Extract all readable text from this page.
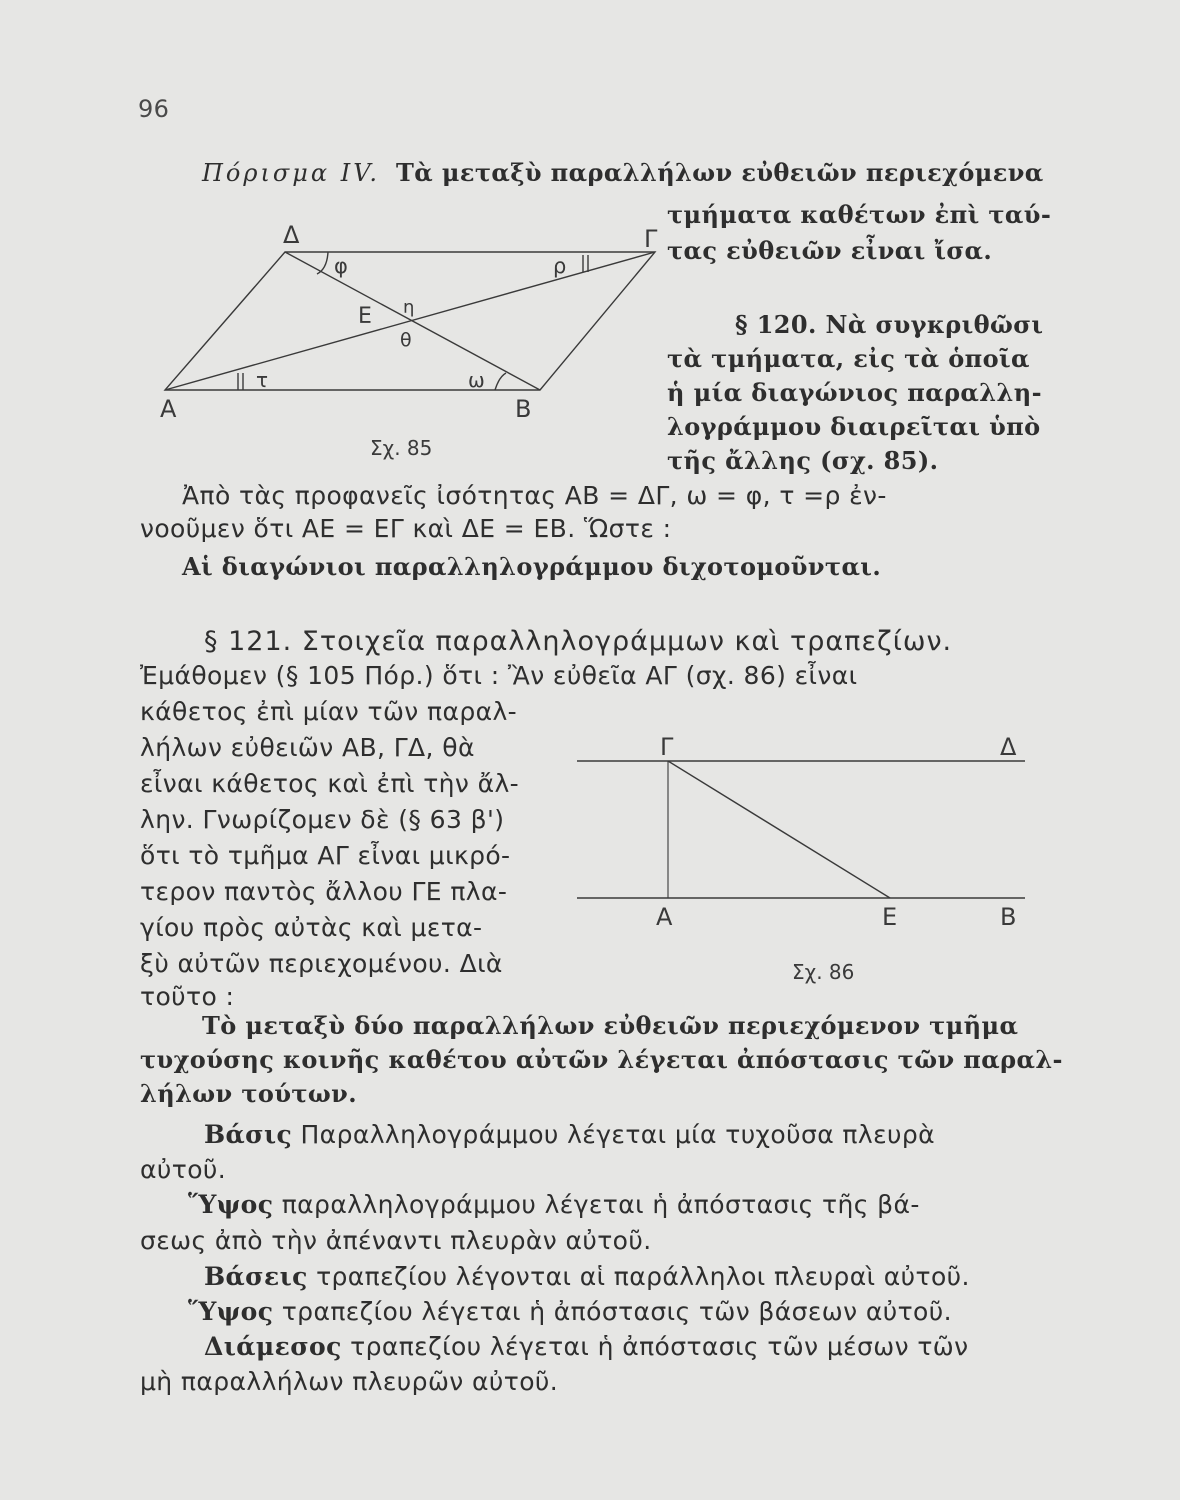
96
Πόρισμα IV. Τὰ μεταξὺ παραλλήλων εὐθειῶν περιεχόμενα
τμήματα καθέτων ἐπὶ ταύ-
τας εὐθειῶν εἶναι ἴσα.
Δ	Γ
Α	Β
Ε
φ	ρ
η
θ
τ	ω
Σχ. 85
§ 120. Νὰ συγκριθῶσι
τὰ τμήματα, εἰς τὰ ὁποῖα
ἡ μία διαγώνιος παραλλη-
λογράμμου διαιρεῖται ὑπὸ
τῆς ἄλλης (σχ. 85).
Ἀπὸ τὰς προφανεῖς ἰσότητας ΑΒ = ΔΓ, ω = φ, τ =ρ ἐν-
νοοῦμεν ὅτι ΑΕ = ΕΓ καὶ ΔΕ = ΕΒ. Ὥστε :
Αἱ διαγώνιοι παραλληλογράμμου διχοτομοῦνται.
§ 121. Στοιχεῖα παραλληλογράμμων καὶ τραπεζίων.
Ἐμάθομεν (§ 105 Πόρ.) ὅτι : Ἂν εὐθεῖα ΑΓ (σχ. 86) εἶναι
κάθετος ἐπὶ μίαν τῶν παραλ-
λήλων εὐθειῶν ΑΒ, ΓΔ, θὰ
εἶναι κάθετος καὶ ἐπὶ τὴν ἄλ-
λην. Γνωρίζομεν δὲ (§ 63 β')
ὅτι τὸ τμῆμα ΑΓ εἶναι μικρό-
τερον παντὸς ἄλλου ΓΕ πλα-
γίου πρὸς αὐτὰς καὶ μετα-
ξὺ αὐτῶν περιεχομένου. Διὰ
τοῦτο :
Γ	Δ
Α	Ε	Β
Σχ. 86
Τὸ μεταξὺ δύο παραλλήλων εὐθειῶν περιεχόμενον τμῆμα
τυχούσης κοινῆς καθέτου αὐτῶν λέγεται ἀπόστασις τῶν παραλ-
λήλων τούτων.
Βάσις Παραλληλογράμμου λέγεται μία τυχοῦσα πλευρὰ
αὐτοῦ.
Ὕψος παραλληλογράμμου λέγεται ἡ ἀπόστασις τῆς βά-
σεως ἀπὸ τὴν ἀπέναντι πλευρὰν αὐτοῦ.
Βάσεις τραπεζίου λέγονται αἱ παράλληλοι πλευραὶ αὐτοῦ.
Ὕψος τραπεζίου λέγεται ἡ ἀπόστασις τῶν βάσεων αὐτοῦ.
Διάμεσος τραπεζίου λέγεται ἡ ἀπόστασις τῶν μέσων τῶν
μὴ παραλλήλων πλευρῶν αὐτοῦ.
